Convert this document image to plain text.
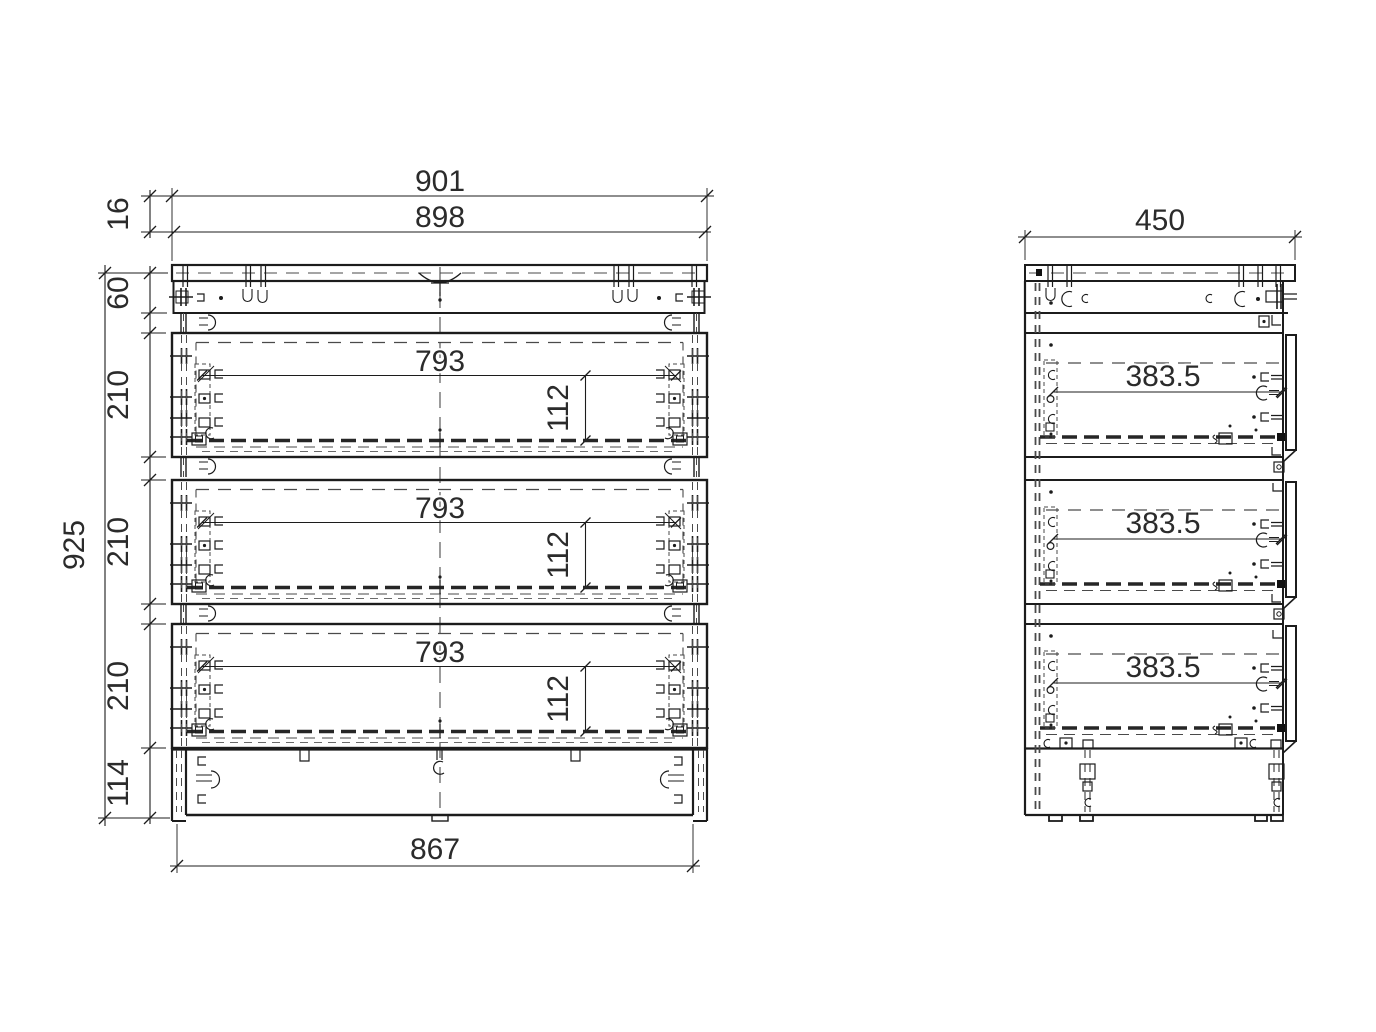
901
898
16
60
210
210
210
114
925
867
793
793
793
112
112
112
450
383.5
383.5
383.5
